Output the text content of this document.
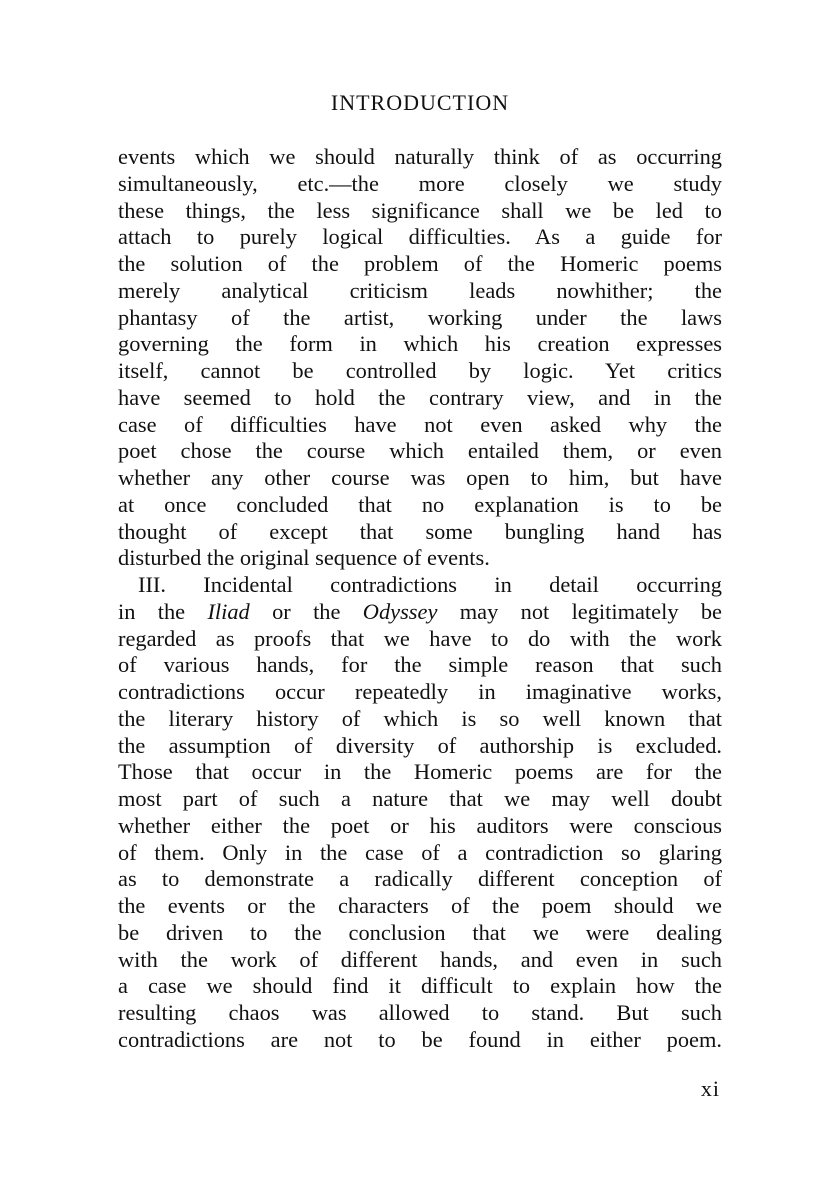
INTRODUCTION
events which we should naturally think of as occurring
simultaneously, etc.—the more closely we study
these things, the less significance shall we be led to
attach to purely logical difficulties. As a guide for
the solution of the problem of the Homeric poems
merely analytical criticism leads nowhither; the
phantasy of the artist, working under the laws
governing the form in which his creation expresses
itself, cannot be controlled by logic. Yet critics
have seemed to hold the contrary view, and in the
case of difficulties have not even asked why the
poet chose the course which entailed them, or even
whether any other course was open to him, but have
at once concluded that no explanation is to be
thought of except that some bungling hand has
disturbed the original sequence of events.
III. Incidental contradictions in detail occurring
in the Iliad or the Odyssey may not legitimately be
regarded as proofs that we have to do with the work
of various hands, for the simple reason that such
contradictions occur repeatedly in imaginative works,
the literary history of which is so well known that
the assumption of diversity of authorship is excluded.
Those that occur in the Homeric poems are for the
most part of such a nature that we may well doubt
whether either the poet or his auditors were conscious
of them. Only in the case of a contradiction so glaring
as to demonstrate a radically different conception of
the events or the characters of the poem should we
be driven to the conclusion that we were dealing
with the work of different hands, and even in such
a case we should find it difficult to explain how the
resulting chaos was allowed to stand. But such
contradictions are not to be found in either poem.
xi
